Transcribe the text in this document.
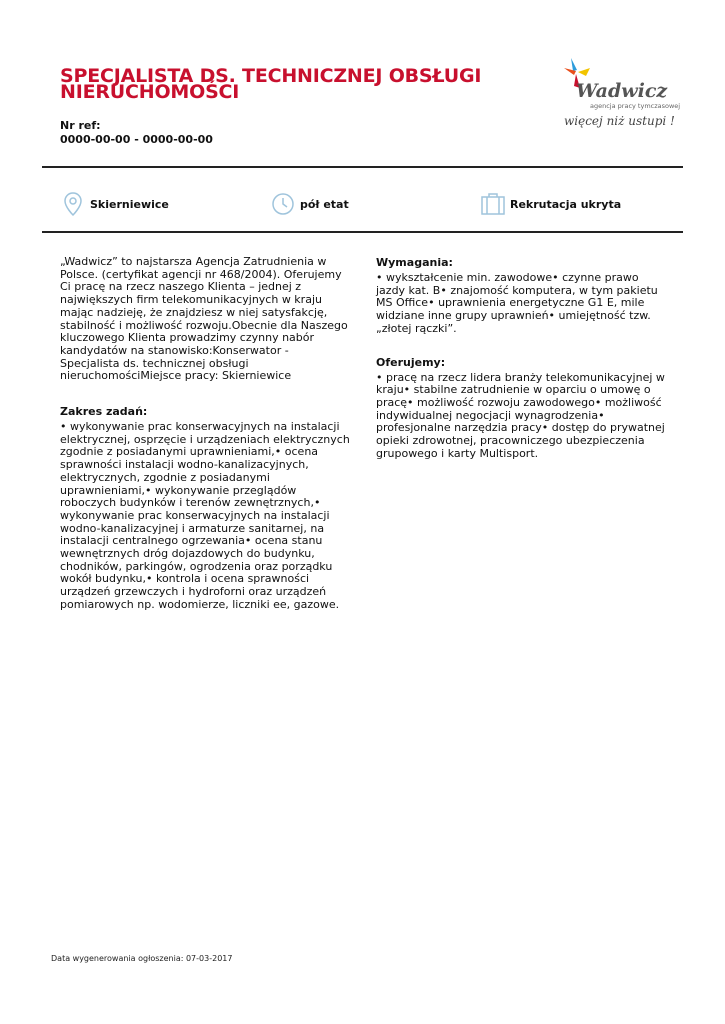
SPECJALISTA DS. TECHNICZNEJ OBSŁUGI
NIERUCHOMOŚCI
Nr ref:
0000-00-00 - 0000-00-00
Wadwicz
agencja pracy tymczasowej
więcej niż ustupi !
Skierniewice	pół etat	Rekrutacja ukryta

„Wadwicz” to najstarsza Agencja Zatrudnienia w Polsce. (certyfikat agencji nr 468/2004). Oferujemy Ci pracę na rzecz naszego Klienta – jednej z największych firm telekomunikacyjnych w kraju mając nadzieję, że znajdziesz w niej satysfakcję, stabilność i możliwość rozwoju.Obecnie dla Naszego kluczowego Klienta prowadzimy czynny nabór kandydatów na stanowisko:Konserwator - Specjalista ds. technicznej obsługi nieruchomościMiejsce pracy: Skierniewice

Zakres zadań:

• wykonywanie prac konserwacyjnych na instalacji elektrycznej, osprzęcie i urządzeniach elektrycznych zgodnie z posiadanymi uprawnieniami,• ocena sprawności instalacji wodno-kanalizacyjnych, elektrycznych, zgodnie z posiadanymi uprawnieniami,• wykonywanie przeglądów roboczych budynków i terenów zewnętrznych,• wykonywanie prac konserwacyjnych na instalacji wodno-kanalizacyjnej i armaturze sanitarnej, na instalacji centralnego ogrzewania• ocena stanu wewnętrznych dróg dojazdowych do budynku, chodników, parkingów, ogrodzenia oraz porządku wokół budynku,• kontrola i ocena sprawności urządzeń grzewczych i hydroforni oraz urządzeń pomiarowych np. wodomierze, liczniki ee, gazowe.

Wymagania:

• wykształcenie min. zawodowe• czynne prawo jazdy kat. B• znajomość komputera, w tym pakietu MS Office• uprawnienia energetyczne G1 E, mile widziane inne grupy uprawnień• umiejętność tzw. „złotej rączki”.

Oferujemy:

• pracę na rzecz lidera branży telekomunikacyjnej w kraju• stabilne zatrudnienie w oparciu o umowę o pracę• możliwość rozwoju zawodowego• możliwość indywidualnej negocjacji wynagrodzenia• profesjonalne narzędzia pracy• dostęp do prywatnej opieki zdrowotnej, pracowniczego ubezpieczenia grupowego i karty Multisport.

Data wygenerowania ogłoszenia: 07-03-2017
